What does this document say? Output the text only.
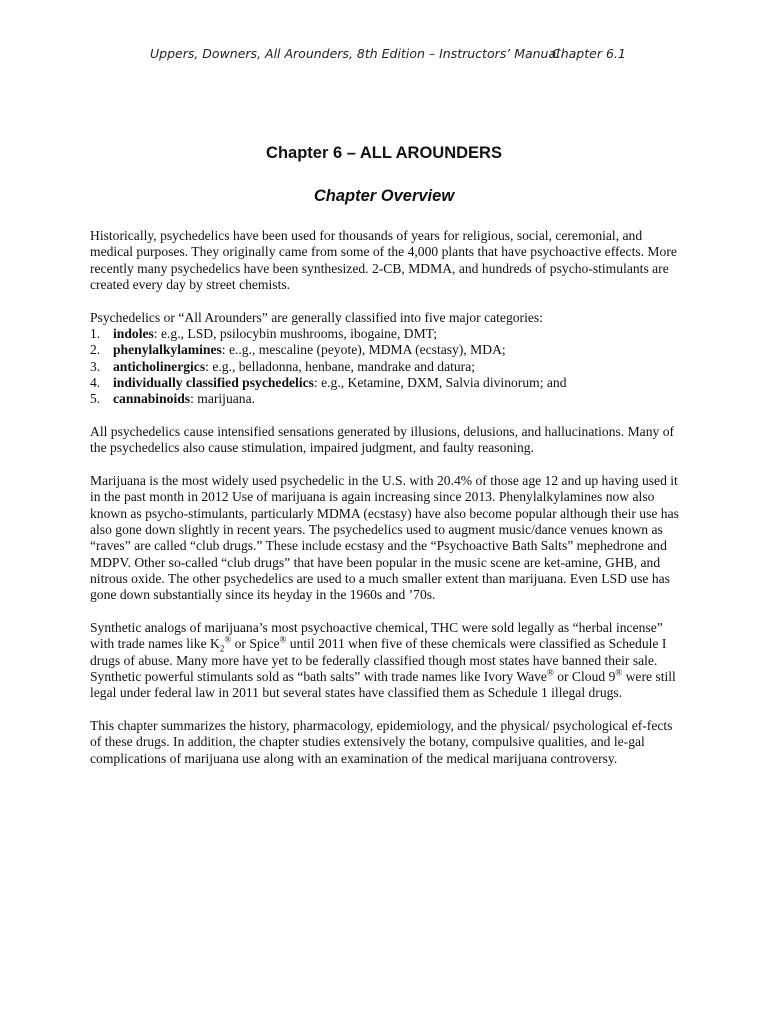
Uppers, Downers, All Arounders, 8th Edition – Instructors’ Manual
Chapter 6.1
Chapter 6 – ALL AROUNDERS
Chapter Overview

Historically, psychedelics have been used for thousands of years for religious, social, ceremonial, and medical purposes. They originally came from some of the 4,000 plants that have psychoactive effects. More recently many psychedelics have been synthesized. 2-CB, MDMA, and hundreds of psycho-stimulants are created every day by street chemists.

Psychedelics or “All Arounders” are generally classified into five major categories:
1. indoles: e.g., LSD, psilocybin mushrooms, ibogaine, DMT;
2. phenylalkylamines: e..g., mescaline (peyote), MDMA (ecstasy), MDA;
3. anticholinergics: e.g., belladonna, henbane, mandrake and datura;
4. individually classified psychedelics: e.g., Ketamine, DXM, Salvia divinorum; and
5. cannabinoids: marijuana.

All psychedelics cause intensified sensations generated by illusions, delusions, and hallucinations. Many of the psychedelics also cause stimulation, impaired judgment, and faulty reasoning.

Marijuana is the most widely used psychedelic in the U.S. with 20.4% of those age 12 and up having used it in the past month in 2012 Use of marijuana is again increasing since 2013. Phenylalkylamines now also known as psycho-stimulants, particularly MDMA (ecstasy) have also become popular although their use has also gone down slightly in recent years. The psychedelics used to augment music/dance venues known as “raves” are called “club drugs.” These include ecstasy and the “Psychoactive Bath Salts” mephedrone and MDPV. Other so-called “club drugs” that have been popular in the music scene are ket-amine, GHB, and nitrous oxide. The other psychedelics are used to a much smaller extent than marijuana. Even LSD use has gone down substantially since its heyday in the 1960s and ’70s.

Synthetic analogs of marijuana’s most psychoactive chemical, THC were sold legally as “herbal incense” with trade names like $K_2®$ or Spice® until 2011 when five of these chemicals were classified as Schedule I drugs of abuse. Many more have yet to be federally classified though most states have banned their sale. Synthetic powerful stimulants sold as “bath salts” with trade names like Ivory Wave® or Cloud 9® were still legal under federal law in 2011 but several states have classified them as Schedule 1 illegal drugs.

This chapter summarizes the history, pharmacology, epidemiology, and the physical/ psychological ef-fects of these drugs. In addition, the chapter studies extensively the botany, compulsive qualities, and le-gal complications of marijuana use along with an examination of the medical marijuana controversy.
